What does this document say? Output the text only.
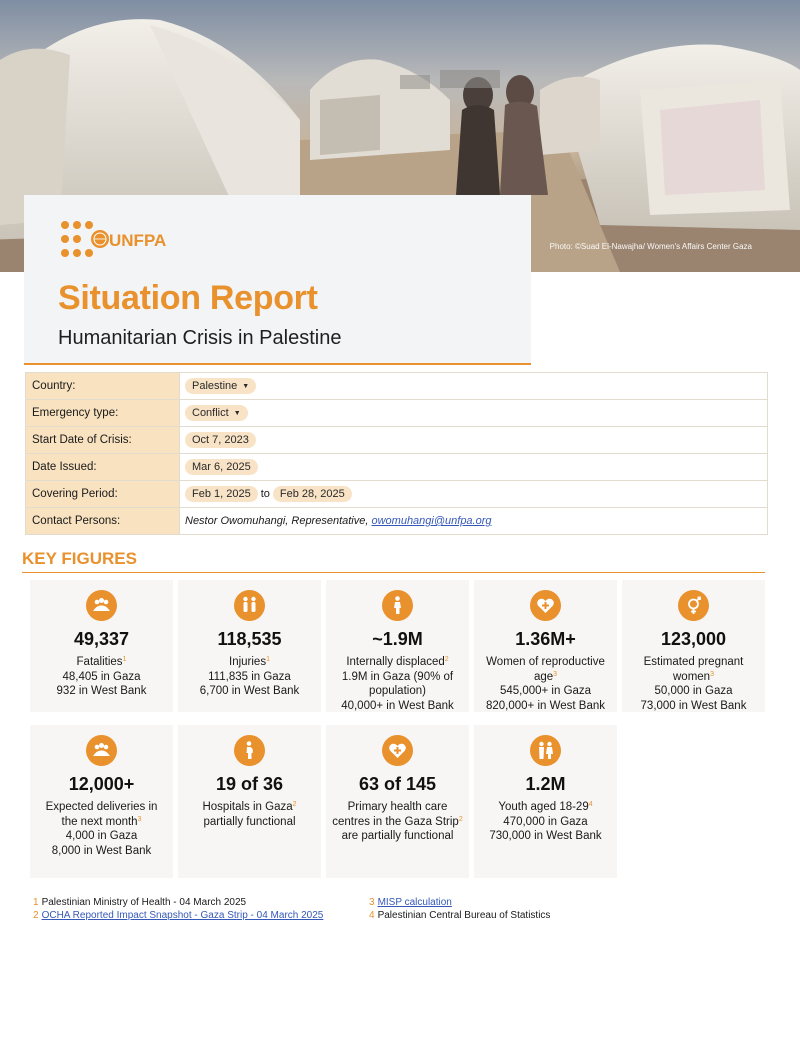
Photo: ©Suad El-Nawajha/ Women's Affairs Center Gaza
UNFPA
Situation Report
Humanitarian Crisis in Palestine
Country:	Palestine ▼
Emergency type:	Conflict ▼
Start Date of Crisis:	Oct 7, 2023
Date Issued:	Mar 6, 2025
Covering Period:	Feb 1, 2025 to Feb 28, 2025
Contact Persons:	Nestor Owomuhangi, Representative, owomuhangi@unfpa.org
KEY FIGURES
49,337
Fatalities$^1$
48,405 in Gaza
932 in West Bank
118,535
Injuries$^1$
111,835 in Gaza
6,700 in West Bank
~1.9M
Internally displaced$^2$
1.9M in Gaza (90% of population)
40,000+ in West Bank
1.36M+
Women of reproductive age$^3$
545,000+ in Gaza
820,000+ in West Bank
123,000
Estimated pregnant women$^3$
50,000 in Gaza
73,000 in West Bank
12,000+
Expected deliveries in the next month$^3$
4,000 in Gaza
8,000 in West Bank
19 of 36
Hospitals in Gaza$^2$
partially functional
63 of 145
Primary health care centres in the Gaza Strip$^2$ are partially functional
1.2M
Youth aged $18-29^4$
470,000 in Gaza
730,000 in West Bank
1 Palestinian Ministry of Health - 04 March 2025
2 OCHA Reported Impact Snapshot - Gaza Strip - 04 March 2025
3 MISP calculation
4 Palestinian Central Bureau of Statistics
